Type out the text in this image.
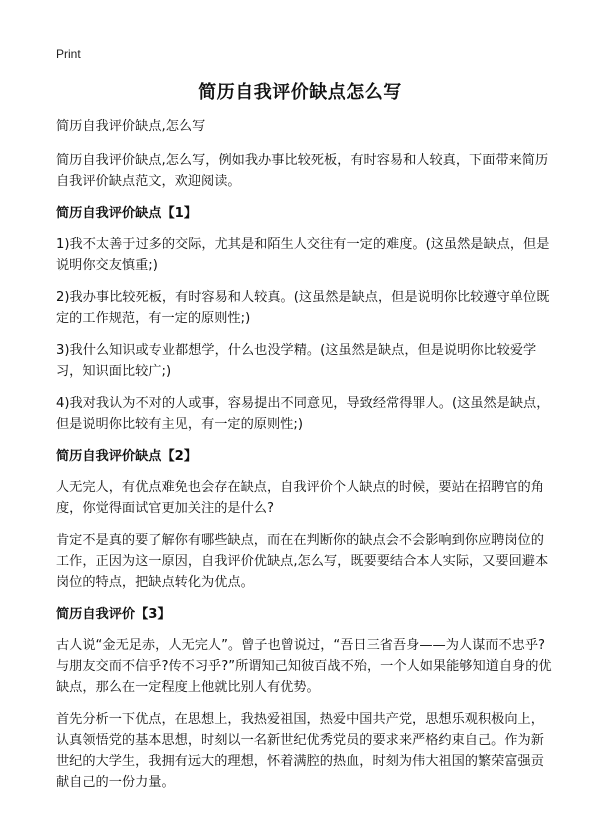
Print
简历自我评价缺点怎么写

简历自我评价缺点,怎么写

简历自我评价缺点,怎么写，例如我办事比较死板，有时容易和人较真，下面带来简历自我评价缺点范文，欢迎阅读。

简历自我评价缺点【1】

1)我不太善于过多的交际，尤其是和陌生人交往有一定的难度。(这虽然是缺点，但是说明你交友慎重;)

2)我办事比较死板，有时容易和人较真。(这虽然是缺点，但是说明你比较遵守单位既定的工作规范，有一定的原则性;)

3)我什么知识或专业都想学，什么也没学精。(这虽然是缺点，但是说明你比较爱学习，知识面比较广;)

4)我对我认为不对的人或事，容易提出不同意见，导致经常得罪人。(这虽然是缺点，但是说明你比较有主见，有一定的原则性;)

简历自我评价缺点【2】

人无完人，有优点难免也会存在缺点，自我评价个人缺点的时候，要站在招聘官的角度，你觉得面试官更加关注的是什么?

肯定不是真的要了解你有哪些缺点，而在在判断你的缺点会不会影响到你应聘岗位的工作，正因为这一原因，自我评价优缺点,怎么写，既要要结合本人实际，又要回避本岗位的特点，把缺点转化为优点。

简历自我评价【3】

古人说“金无足赤，人无完人”。曾子也曾说过，“吾日三省吾身——为人谋而不忠乎?与朋友交而不信乎?传不习乎?”所谓知己知彼百战不殆，一个人如果能够知道自身的优缺点，那么在一定程度上他就比别人有优势。

首先分析一下优点，在思想上，我热爱祖国，热爱中国共产党，思想乐观积极向上，认真领悟党的基本思想，时刻以一名新世纪优秀党员的要求来严格约束自己。作为新世纪的大学生，我拥有远大的理想，怀着满腔的热血，时刻为伟大祖国的繁荣富强贡献自己的一份力量。
